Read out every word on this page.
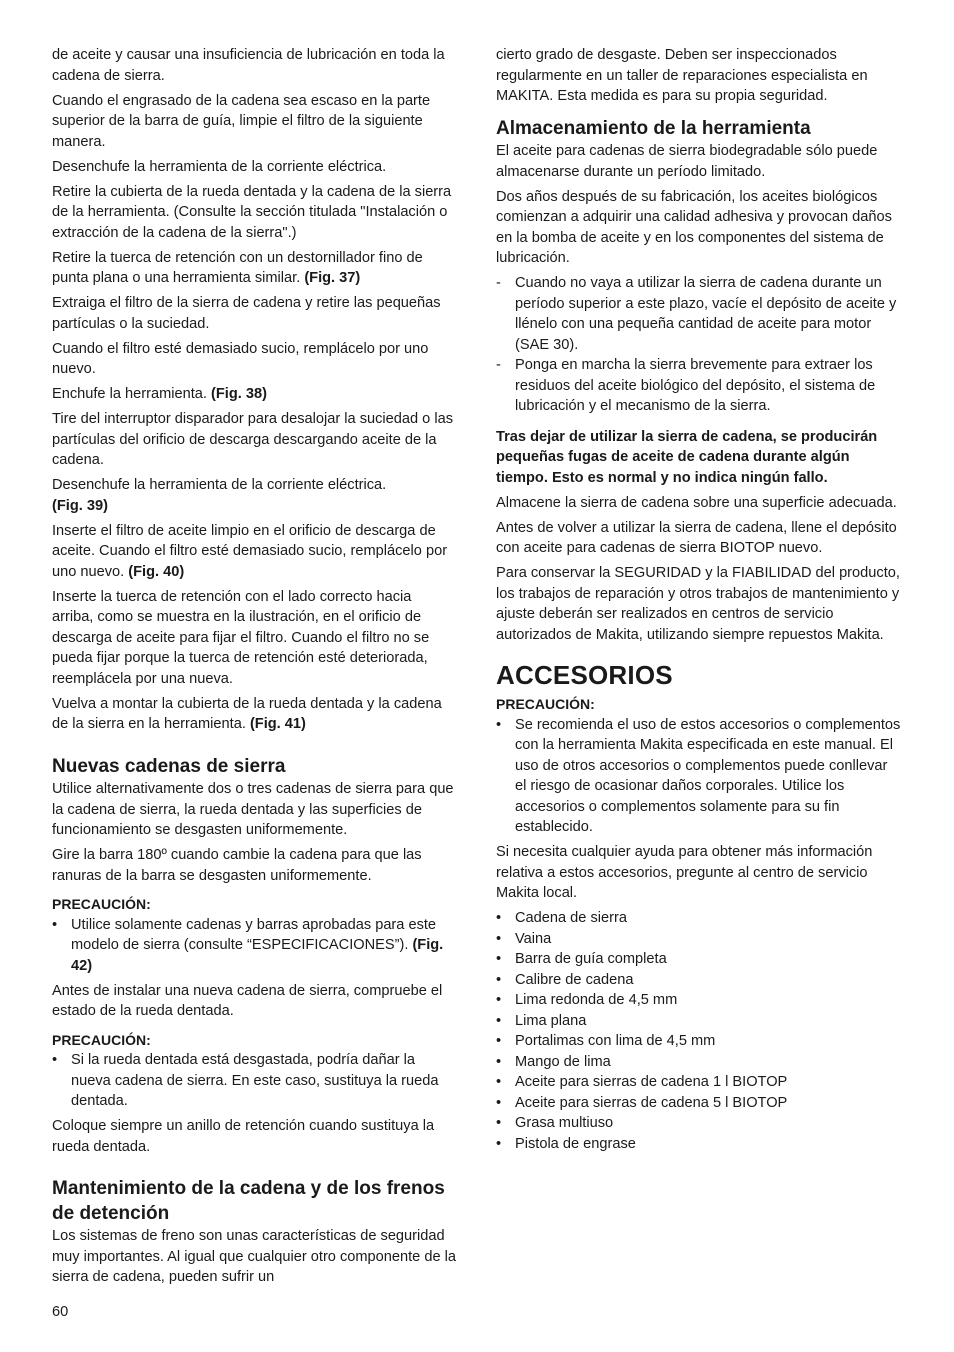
de aceite y causar una insuficiencia de lubricación en toda la cadena de sierra.

Cuando el engrasado de la cadena sea escaso en la parte superior de la barra de guía, limpie el filtro de la siguiente manera.

Desenchufe la herramienta de la corriente eléctrica.

Retire la cubierta de la rueda dentada y la cadena de la sierra de la herramienta. (Consulte la sección titulada "Instalación o extracción de la cadena de la sierra".)

Retire la tuerca de retención con un destornillador fino de punta plana o una herramienta similar. (Fig. 37)

Extraiga el filtro de la sierra de cadena y retire las pequeñas partículas o la suciedad.

Cuando el filtro esté demasiado sucio, remplácelo por uno nuevo.

Enchufe la herramienta. (Fig. 38)

Tire del interruptor disparador para desalojar la suciedad o las partículas del orificio de descarga descargando aceite de la cadena.

Desenchufe la herramienta de la corriente eléctrica.
(Fig. 39)

Inserte el filtro de aceite limpio en el orificio de descarga de aceite. Cuando el filtro esté demasiado sucio, remplácelo por uno nuevo. (Fig. 40)

Inserte la tuerca de retención con el lado correcto hacia arriba, como se muestra en la ilustración, en el orificio de descarga de aceite para fijar el filtro. Cuando el filtro no se pueda fijar porque la tuerca de retención esté deteriorada, reemplácela por una nueva.

Vuelva a montar la cubierta de la rueda dentada y la cadena de la sierra en la herramienta. (Fig. 41)

Nuevas cadenas de sierra

Utilice alternativamente dos o tres cadenas de sierra para que la cadena de sierra, la rueda dentada y las superficies de funcionamiento se desgasten uniformemente.

Gire la barra 180º cuando cambie la cadena para que las ranuras de la barra se desgasten uniformemente.

PRECAUCIÓN:
• Utilice solamente cadenas y barras aprobadas para este modelo de sierra (consulte “ESPECIFICACIONES”). (Fig. 42)

Antes de instalar una nueva cadena de sierra, compruebe el estado de la rueda dentada.

PRECAUCIÓN:
• Si la rueda dentada está desgastada, podría dañar la nueva cadena de sierra. En este caso, sustituya la rueda dentada.

Coloque siempre un anillo de retención cuando sustituya la rueda dentada.

Mantenimiento de la cadena y de los frenos de detención

Los sistemas de freno son unas características de seguridad muy importantes. Al igual que cualquier otro componente de la sierra de cadena, pueden sufrir un

cierto grado de desgaste. Deben ser inspeccionados regularmente en un taller de reparaciones especialista en MAKITA. Esta medida es para su propia seguridad.

Almacenamiento de la herramienta

El aceite para cadenas de sierra biodegradable sólo puede almacenarse durante un período limitado.

Dos años después de su fabricación, los aceites biológicos comienzan a adquirir una calidad adhesiva y provocan daños en la bomba de aceite y en los componentes del sistema de lubricación.

- Cuando no vaya a utilizar la sierra de cadena durante un período superior a este plazo, vacíe el depósito de aceite y llénelo con una pequeña cantidad de aceite para motor (SAE 30).
- Ponga en marcha la sierra brevemente para extraer los residuos del aceite biológico del depósito, el sistema de lubricación y el mecanismo de la sierra.

Tras dejar de utilizar la sierra de cadena, se producirán pequeñas fugas de aceite de cadena durante algún tiempo. Esto es normal y no indica ningún fallo.

Almacene la sierra de cadena sobre una superficie adecuada.

Antes de volver a utilizar la sierra de cadena, llene el depósito con aceite para cadenas de sierra BIOTOP nuevo.

Para conservar la SEGURIDAD y la FIABILIDAD del producto, los trabajos de reparación y otros trabajos de mantenimiento y ajuste deberán ser realizados en centros de servicio autorizados de Makita, utilizando siempre repuestos Makita.

ACCESORIOS
PRECAUCIÓN:
• Se recomienda el uso de estos accesorios o complementos con la herramienta Makita especificada en este manual. El uso de otros accesorios o complementos puede conllevar el riesgo de ocasionar daños corporales. Utilice los accesorios o complementos solamente para su fin establecido.

Si necesita cualquier ayuda para obtener más información relativa a estos accesorios, pregunte al centro de servicio Makita local.

• Cadena de sierra
• Vaina
• Barra de guía completa
• Calibre de cadena
• Lima redonda de 4,5 mm
• Lima plana
• Portalimas con lima de 4,5 mm
• Mango de lima
• Aceite para sierras de cadena 1 l BIOTOP
• Aceite para sierras de cadena 5 l BIOTOP
• Grasa multiuso
• Pistola de engrase
60
